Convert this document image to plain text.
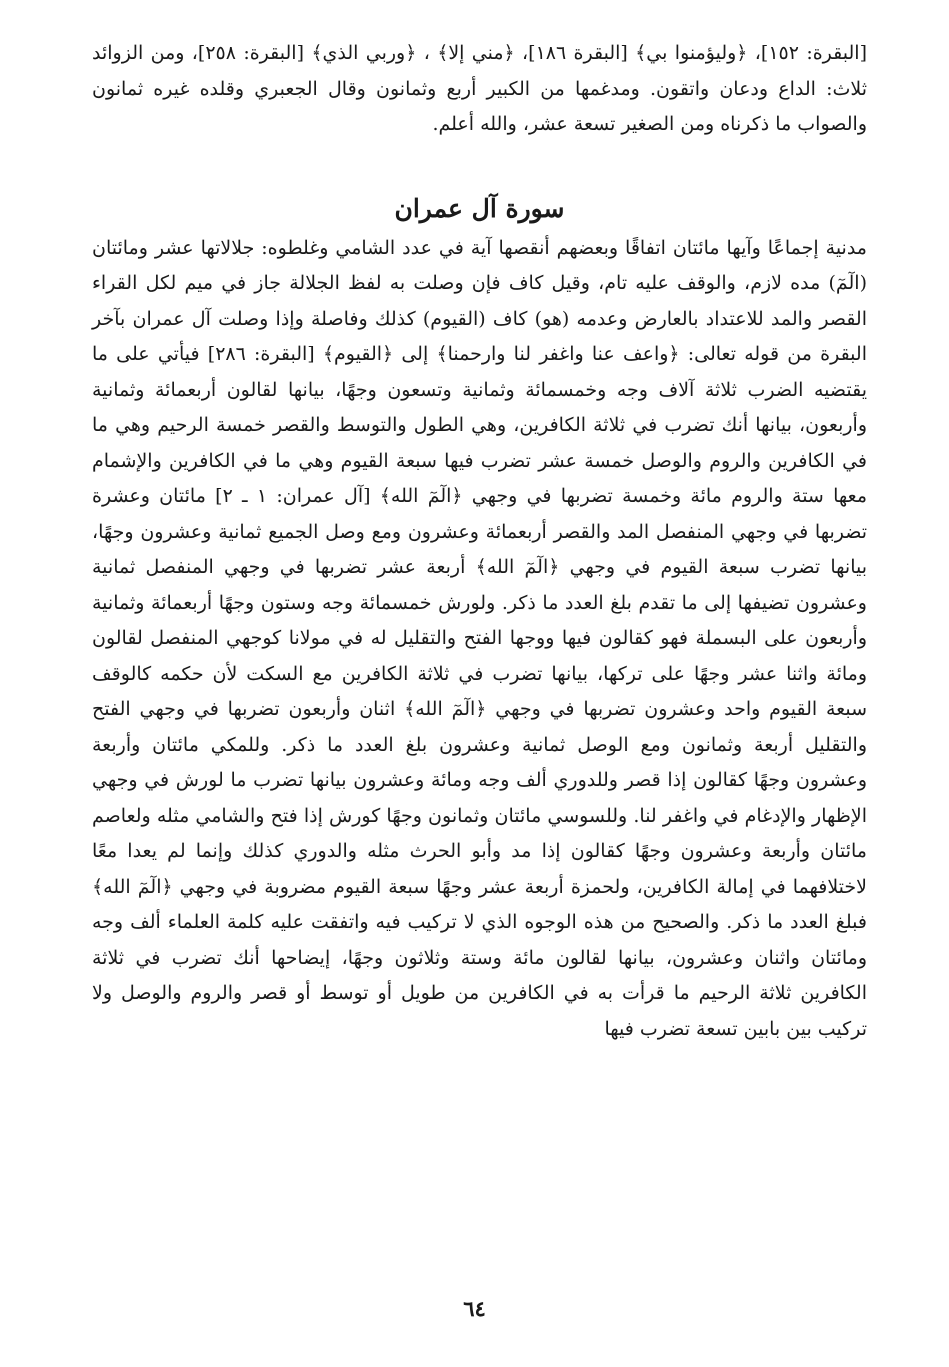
[البقرة: ١٥٢]، ﴿وليؤمنوا بي﴾ [البقرة ١٨٦]، ﴿مني إلا﴾ ، ﴿وربي الذي﴾ [البقرة: ٢٥٨]، ومن الزوائد ثلاث: الداع ودعان واتقون. ومدغمها من الكبير أربع وثمانون وقال الجعبري وقلده غيره ثمانون والصواب ما ذكرناه ومن الصغير تسعة عشر، والله أعلم.

سورة آل عمران

مدنية إجماعًا وآيها مائتان اتفاقًا وبعضهم أنقصها آية في عدد الشامي وغلطوه: جلالاتها عشر ومائتان (الٓمٓ) مده لازم، والوقف عليه تام، وقيل كاف فإن وصلت به لفظ الجلالة جاز في ميم لكل القراء القصر والمد للاعتداد بالعارض وعدمه (هو) كاف (القيوم) كذلك وفاصلة وإذا وصلت آل عمران بآخر البقرة من قوله تعالى: ﴿واعف عنا واغفر لنا وارحمنا﴾ إلى ﴿القيوم﴾ [البقرة: ٢٨٦] فيأتي على ما يقتضيه الضرب ثلاثة آلاف وجه وخمسمائة وثمانية وتسعون وجهًا، بيانها لقالون أربعمائة وثمانية وأربعون، بيانها أنك تضرب في ثلاثة الكافرين، وهي الطول والتوسط والقصر خمسة الرحيم وهي ما في الكافرين والروم والوصل خمسة عشر تضرب فيها سبعة القيوم وهي ما في الكافرين والإشمام معها ستة والروم مائة وخمسة تضربها في وجهي ﴿الٓمٓ الله﴾ [آل عمران: ١ ـ ٢] مائتان وعشرة تضربها في وجهي المنفصل المد والقصر أربعمائة وعشرون ومع وصل الجميع ثمانية وعشرون وجهًا، بيانها تضرب سبعة القيوم في وجهي ﴿الٓمٓ الله﴾ أربعة عشر تضربها في وجهي المنفصل ثمانية وعشرون تضيفها إلى ما تقدم بلغ العدد ما ذكر. ولورش خمسمائة وجه وستون وجهًا أربعمائة وثمانية وأربعون على البسملة فهو كقالون فيها ووجها الفتح والتقليل له في مولانا كوجهي المنفصل لقالون ومائة واثنا عشر وجهًا على تركها، بيانها تضرب في ثلاثة الكافرين مع السكت لأن حكمه كالوقف سبعة القيوم واحد وعشرون تضربها في وجهي ﴿الٓمٓ الله﴾ اثنان وأربعون تضربها في وجهي الفتح والتقليل أربعة وثمانون ومع الوصل ثمانية وعشرون بلغ العدد ما ذكر. وللمكي مائتان وأربعة وعشرون وجهًا كقالون إذا قصر وللدوري ألف وجه ومائة وعشرون بيانها تضرب ما لورش في وجهي الإظهار والإدغام في واغفر لنا. وللسوسي مائتان وثمانون وجهًا كورش إذا فتح والشامي مثله ولعاصم مائتان وأربعة وعشرون وجهًا كقالون إذا مد وأبو الحرث مثله والدوري كذلك وإنما لم يعدا معًا لاختلافهما في إمالة الكافرين، ولحمزة أربعة عشر وجهًا سبعة القيوم مضروبة في وجهي ﴿الٓمٓ الله﴾ فبلغ العدد ما ذكر. والصحيح من هذه الوجوه الذي لا تركيب فيه واتفقت عليه كلمة العلماء ألف وجه ومائتان واثنان وعشرون، بيانها لقالون مائة وستة وثلاثون وجهًا، إيضاحها أنك تضرب في ثلاثة الكافرين ثلاثة الرحيم ما قرأت به في الكافرين من طويل أو توسط أو قصر والروم والوصل ولا تركيب بين بابين تسعة تضرب فيها

٦٤
